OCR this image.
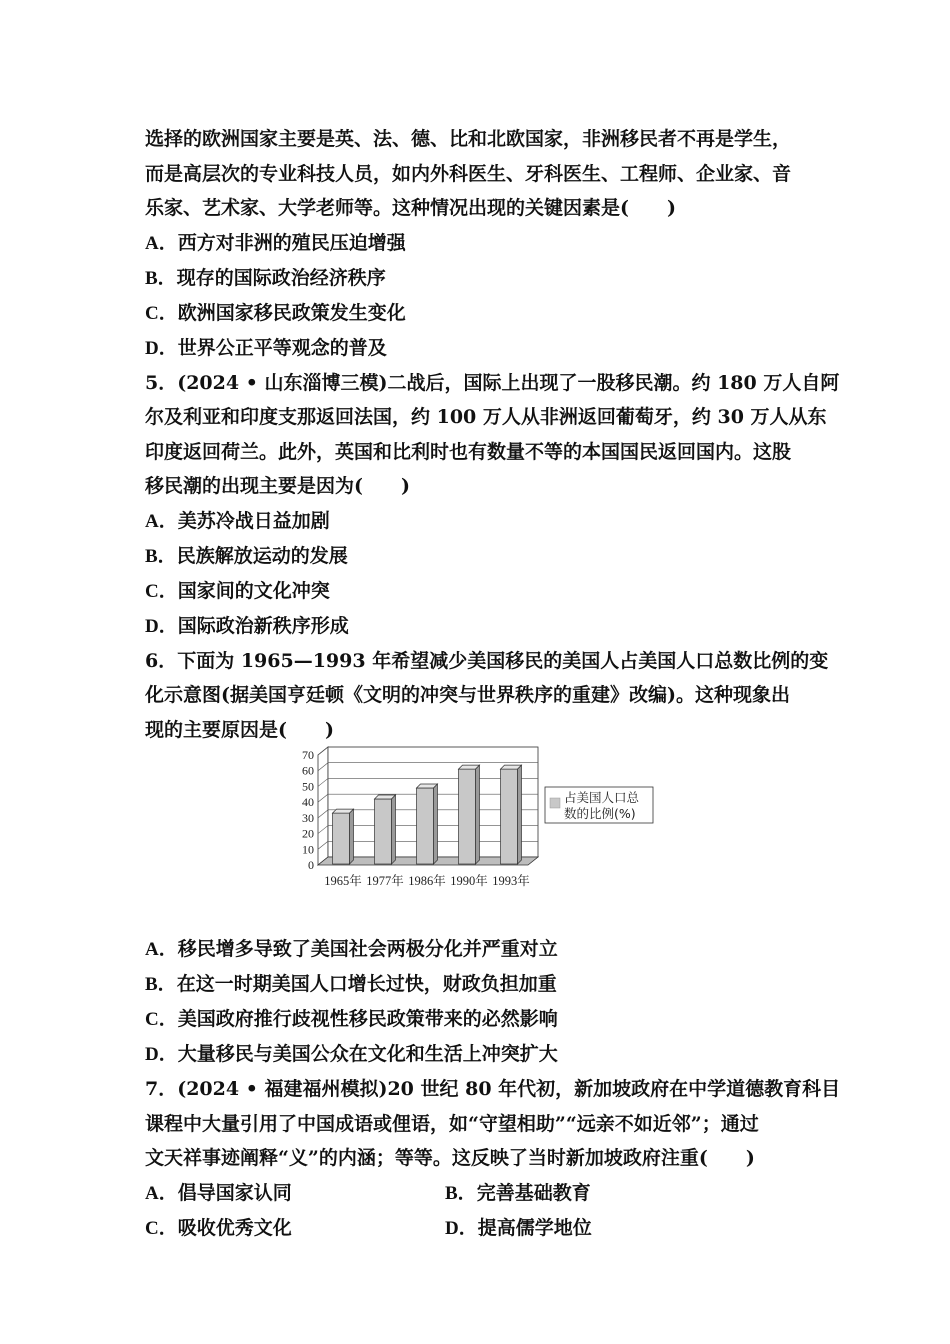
选择的欧洲国家主要是英、法、德、比和北欧国家，非洲移民者不再是学生，
而是高层次的专业科技人员，如内外科医生、牙科医生、工程师、企业家、音
乐家、艺术家、大学老师等。这种情况出现的关键因素是(　　)
A．西方对非洲的殖民压迫增强
B．现存的国际政治经济秩序
C．欧洲国家移民政策发生变化
D．世界公正平等观念的普及
5．(2024 • 山东淄博三模)二战后，国际上出现了一股移民潮。约 180 万人自阿
尔及利亚和印度支那返回法国，约 100 万人从非洲返回葡萄牙，约 30 万人从东
印度返回荷兰。此外，英国和比利时也有数量不等的本国国民返回国内。这股
移民潮的出现主要是因为(　　)
A．美苏冷战日益加剧
B．民族解放运动的发展
C．国家间的文化冲突
D．国际政治新秩序形成
6．下面为 1965—1993 年希望减少美国移民的美国人占美国人口总数比例的变
化示意图(据美国亨廷顿《文明的冲突与世界秩序的重建》改编)。这种现象出
现的主要原因是(　　)
A．移民增多导致了美国社会两极分化并严重对立
B．在这一时期美国人口增长过快，财政负担加重
C．美国政府推行歧视性移民政策带来的必然影响
D．大量移民与美国公众在文化和生活上冲突扩大
7．(2024 • 福建福州模拟)20 世纪 80 年代初，新加坡政府在中学道德教育科目
课程中大量引用了中国成语或俚语，如“守望相助”“远亲不如近邻”；通过
文天祥事迹阐释“义”的内涵；等等。这反映了当时新加坡政府注重(　　)
A．倡导国家认同	B．完善基础教育
C．吸收优秀文化	D．提高儒学地位
0
10
20
30
40
50
60
70
1965年 1977年 1986年 1990年 1993年
占美国人口总
数的比例(%)
